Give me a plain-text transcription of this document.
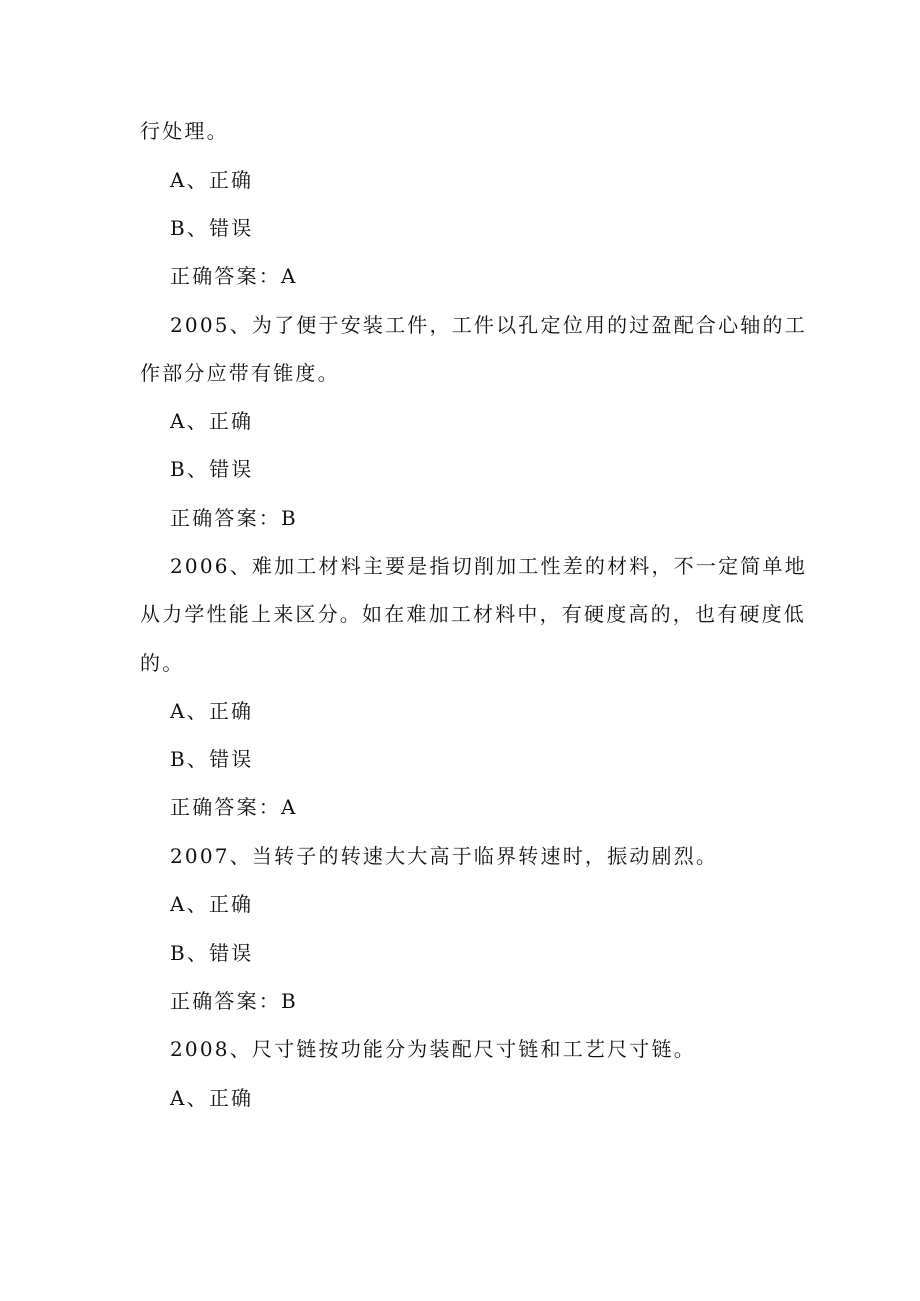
行处理。
A、正确
B、错误
正确答案：A
2005、为了便于安装工件，工件以孔定位用的过盈配合心轴的工
作部分应带有锥度。
A、正确
B、错误
正确答案：B
2006、难加工材料主要是指切削加工性差的材料，不一定简单地
从力学性能上来区分。如在难加工材料中，有硬度高的，也有硬度低
的。
A、正确
B、错误
正确答案：A
2007、当转子的转速大大高于临界转速时，振动剧烈。
A、正确
B、错误
正确答案：B
2008、尺寸链按功能分为装配尺寸链和工艺尺寸链。
A、正确
